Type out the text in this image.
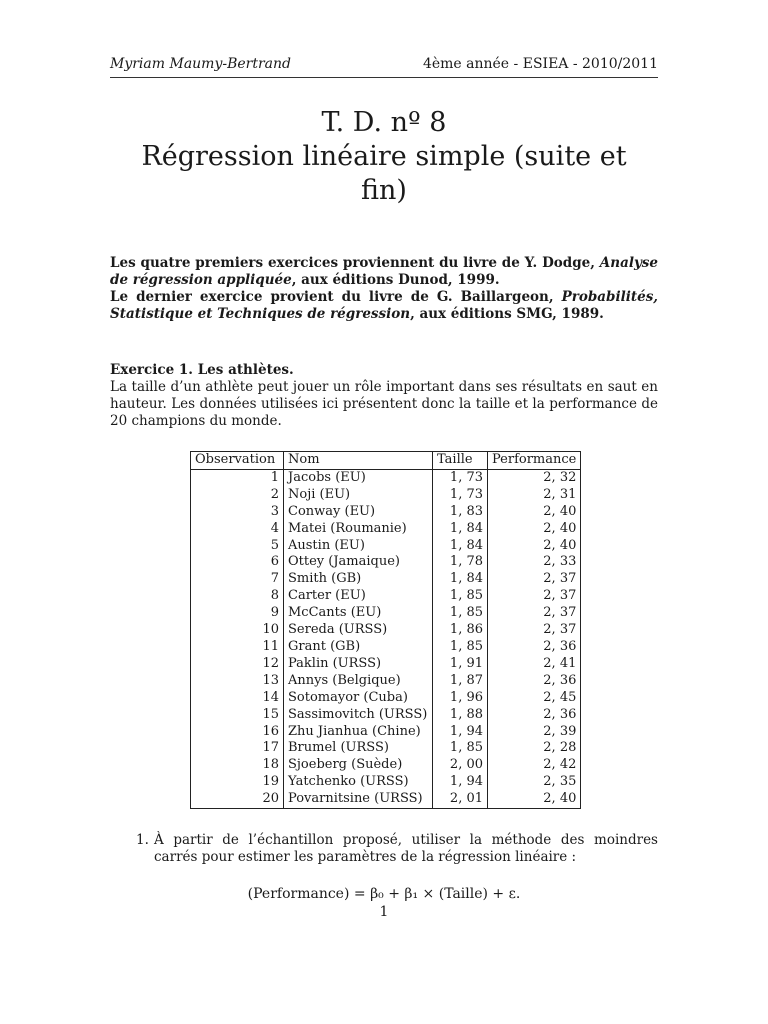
Myriam Maumy-Bertrand	4ème année - ESIEA - 2010/2011
T. D. nº 8
Régression linéaire simple (suite et
fin)

Les quatre premiers exercices proviennent du livre de Y. Dodge, Analyse de régression appliquée, aux éditions Dunod, 1999.

Le dernier exercice provient du livre de G. Baillargeon, Probabilités, Statistique et Techniques de régression, aux éditions SMG, 1989.

Exercice 1. Les athlètes.
La taille d’un athlète peut jouer un rôle important dans ses résultats en saut en hauteur. Les données utilisées ici présentent donc la taille et la performance de 20 champions du monde.
Observation	Nom	Taille	Performance
1	Jacobs (EU)	1, 73	2, 32
2	Noji (EU)	1, 73	2, 31
3	Conway (EU)	1, 83	2, 40
4	Matei (Roumanie)	1, 84	2, 40
5	Austin (EU)	1, 84	2, 40
6	Ottey (Jamaique)	1, 78	2, 33
7	Smith (GB)	1, 84	2, 37
8	Carter (EU)	1, 85	2, 37
9	McCants (EU)	1, 85	2, 37
10	Sereda (URSS)	1, 86	2, 37
11	Grant (GB)	1, 85	2, 36
12	Paklin (URSS)	1, 91	2, 41
13	Annys (Belgique)	1, 87	2, 36
14	Sotomayor (Cuba)	1, 96	2, 45
15	Sassimovitch (URSS)	1, 88	2, 36
16	Zhu Jianhua (Chine)	1, 94	2, 39
17	Brumel (URSS)	1, 85	2, 28
18	Sjoeberg (Suède)	2, 00	2, 42
19	Yatchenko (URSS)	1, 94	2, 35
20	Povarnitsine (URSS)	2, 01	2, 40
1. À partir de l’échantillon proposé, utiliser la méthode des moindres carrés pour estimer les paramètres de la régression linéaire :
(Performance) = β₀ + β₁ × (Taille) + ε.
1
